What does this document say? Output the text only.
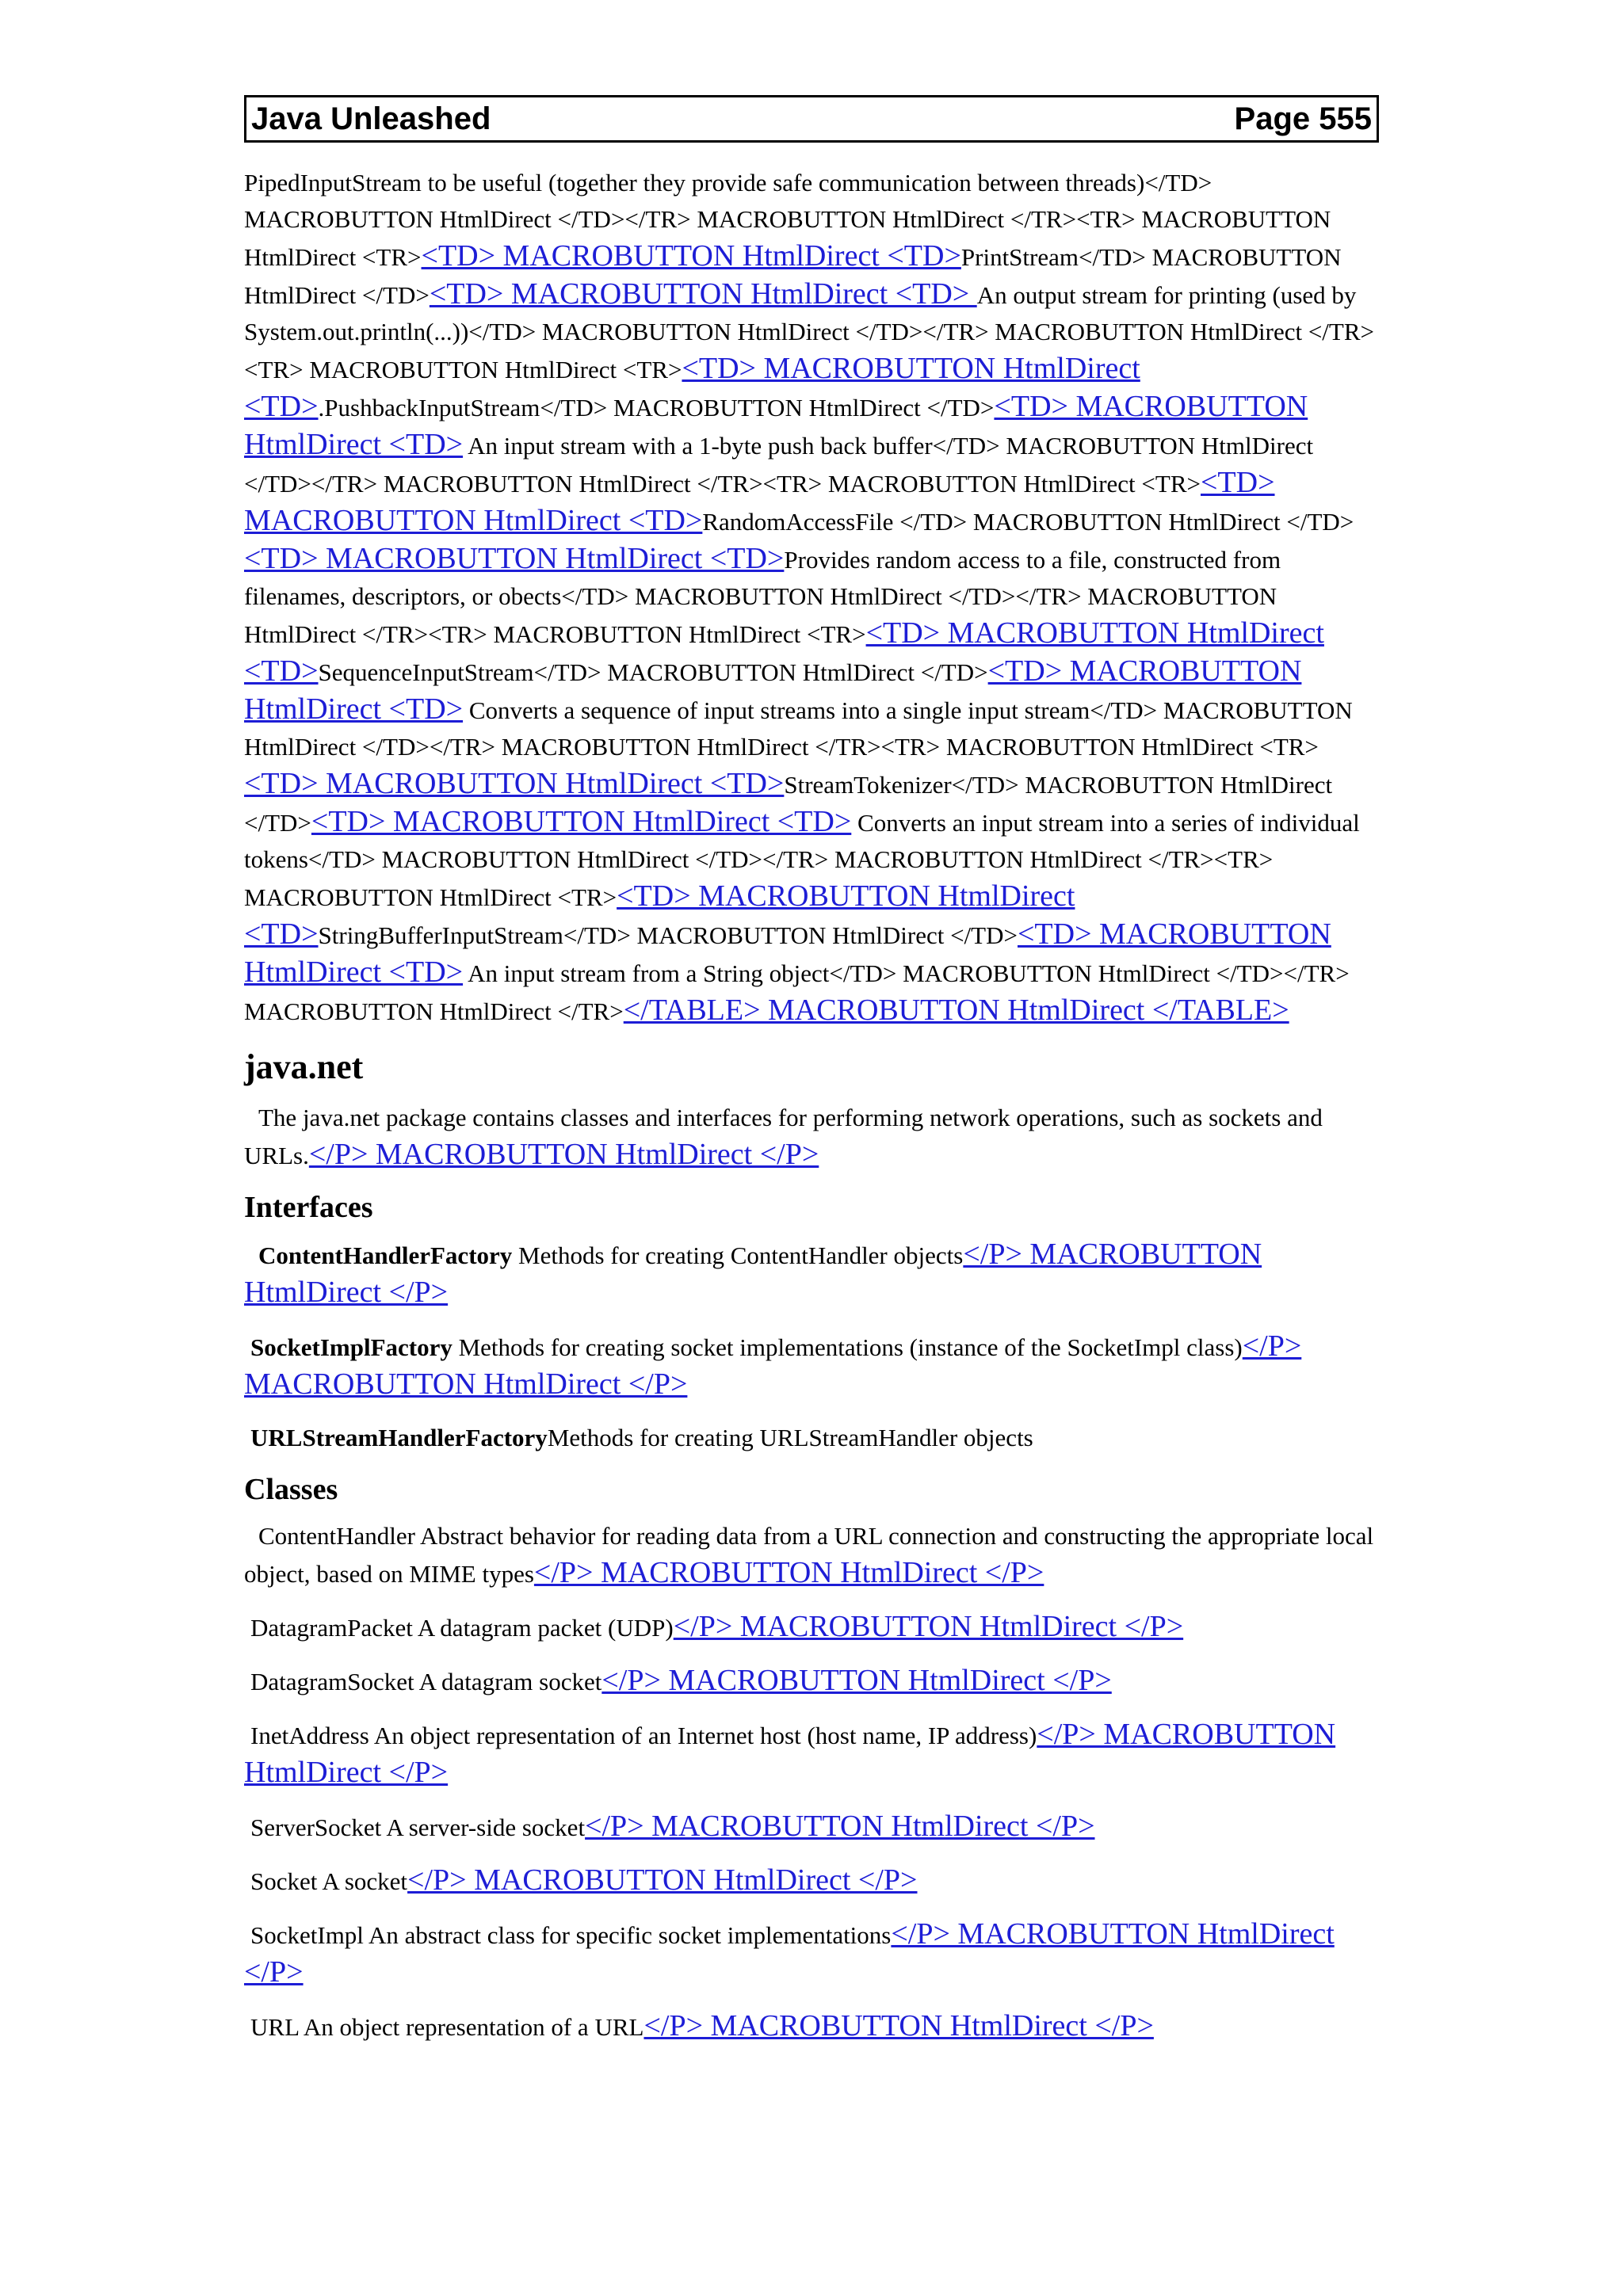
Java Unleashed	Page 555

PipedInputStream to be useful (together they provide safe communication between threads)</TD> MACROBUTTON HtmlDirect </TD></TR> MACROBUTTON HtmlDirect </TR><TR> MACROBUTTON HtmlDirect <TR><TD> MACROBUTTON HtmlDirect <TD>PrintStream</TD> MACROBUTTON HtmlDirect </TD><TD> MACROBUTTON HtmlDirect <TD> An output stream for printing (used by System.out.println(...))</TD> MACROBUTTON HtmlDirect </TD></TR> MACROBUTTON HtmlDirect </TR><TR> MACROBUTTON HtmlDirect <TR><TD> MACROBUTTON HtmlDirect <TD>.PushbackInputStream</TD> MACROBUTTON HtmlDirect </TD><TD> MACROBUTTON HtmlDirect <TD> An input stream with a 1-byte push back buffer</TD> MACROBUTTON HtmlDirect </TD></TR> MACROBUTTON HtmlDirect </TR><TR> MACROBUTTON HtmlDirect <TR><TD> MACROBUTTON HtmlDirect <TD>RandomAccessFile </TD> MACROBUTTON HtmlDirect </TD><TD> MACROBUTTON HtmlDirect <TD>Provides random access to a file, constructed from filenames, descriptors, or obects</TD> MACROBUTTON HtmlDirect </TD></TR> MACROBUTTON HtmlDirect </TR><TR> MACROBUTTON HtmlDirect <TR><TD> MACROBUTTON HtmlDirect <TD>SequenceInputStream</TD> MACROBUTTON HtmlDirect </TD><TD> MACROBUTTON HtmlDirect <TD> Converts a sequence of input streams into a single input stream</TD> MACROBUTTON HtmlDirect </TD></TR> MACROBUTTON HtmlDirect </TR><TR> MACROBUTTON HtmlDirect <TR><TD> MACROBUTTON HtmlDirect <TD>StreamTokenizer</TD> MACROBUTTON HtmlDirect </TD><TD> MACROBUTTON HtmlDirect <TD> Converts an input stream into a series of individual tokens</TD> MACROBUTTON HtmlDirect </TD></TR> MACROBUTTON HtmlDirect </TR><TR> MACROBUTTON HtmlDirect <TR><TD> MACROBUTTON HtmlDirect <TD>StringBufferInputStream</TD> MACROBUTTON HtmlDirect </TD><TD> MACROBUTTON HtmlDirect <TD> An input stream from a String object</TD> MACROBUTTON HtmlDirect </TD></TR> MACROBUTTON HtmlDirect </TR></TABLE> MACROBUTTON HtmlDirect </TABLE>

java.net

The java.net package contains classes and interfaces for performing network operations, such as sockets and URLs.</P> MACROBUTTON HtmlDirect </P>

Interfaces

ContentHandlerFactory Methods for creating ContentHandler objects</P> MACROBUTTON HtmlDirect </P>

SocketImplFactory Methods for creating socket implementations (instance of the SocketImpl class)</P> MACROBUTTON HtmlDirect </P>

URLStreamHandlerFactoryMethods for creating URLStreamHandler objects

Classes

ContentHandler Abstract behavior for reading data from a URL connection and constructing the appropriate local object, based on MIME types</P> MACROBUTTON HtmlDirect </P>

DatagramPacket A datagram packet (UDP)</P> MACROBUTTON HtmlDirect </P>

DatagramSocket A datagram socket</P> MACROBUTTON HtmlDirect </P>

InetAddress An object representation of an Internet host (host name, IP address)</P> MACROBUTTON HtmlDirect </P>

ServerSocket A server-side socket</P> MACROBUTTON HtmlDirect </P>

Socket A socket</P> MACROBUTTON HtmlDirect </P>

SocketImpl An abstract class for specific socket implementations</P> MACROBUTTON HtmlDirect </P>

URL An object representation of a URL</P> MACROBUTTON HtmlDirect </P>
